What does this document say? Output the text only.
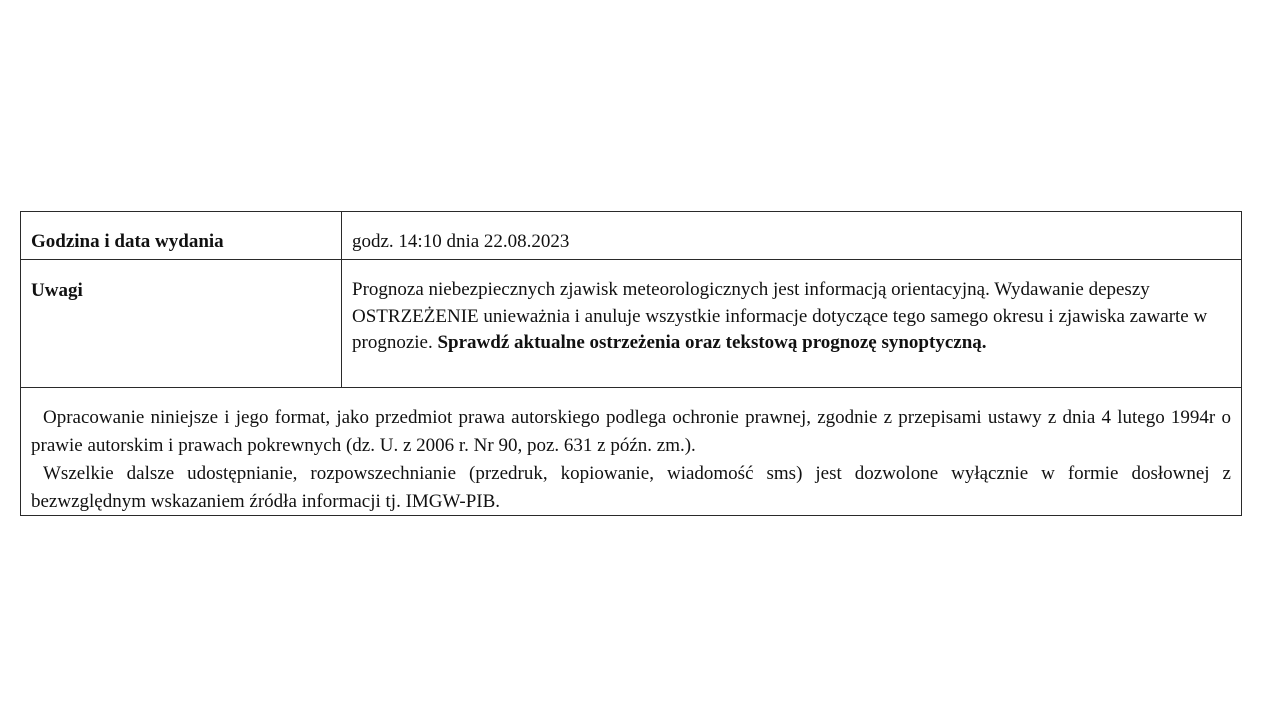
Godzina i data wydania	godz. 14:10 dnia 22.08.2023
Uwagi	Prognoza niebezpiecznych zjawisk meteorologicznych jest informacją orientacyjną. Wydawanie depeszy OSTRZEŻENIE unieważnia i anuluje wszystkie informacje dotyczące tego samego okresu i zjawiska zawarte w prognozie. Sprawdź aktualne ostrzeżenia oraz tekstową prognozę synoptyczną.

Opracowanie niniejsze i jego format, jako przedmiot prawa autorskiego podlega ochronie prawnej, zgodnie z przepisami ustawy z dnia 4 lutego 1994r o prawie autorskim i prawach pokrewnych (dz. U. z 2006 r. Nr 90, poz. 631 z późn. zm.).

Wszelkie dalsze udostępnianie, rozpowszechnianie (przedruk, kopiowanie, wiadomość sms) jest dozwolone wyłącznie w formie dosłownej z bezwzględnym wskazaniem źródła informacji tj. IMGW-PIB.
